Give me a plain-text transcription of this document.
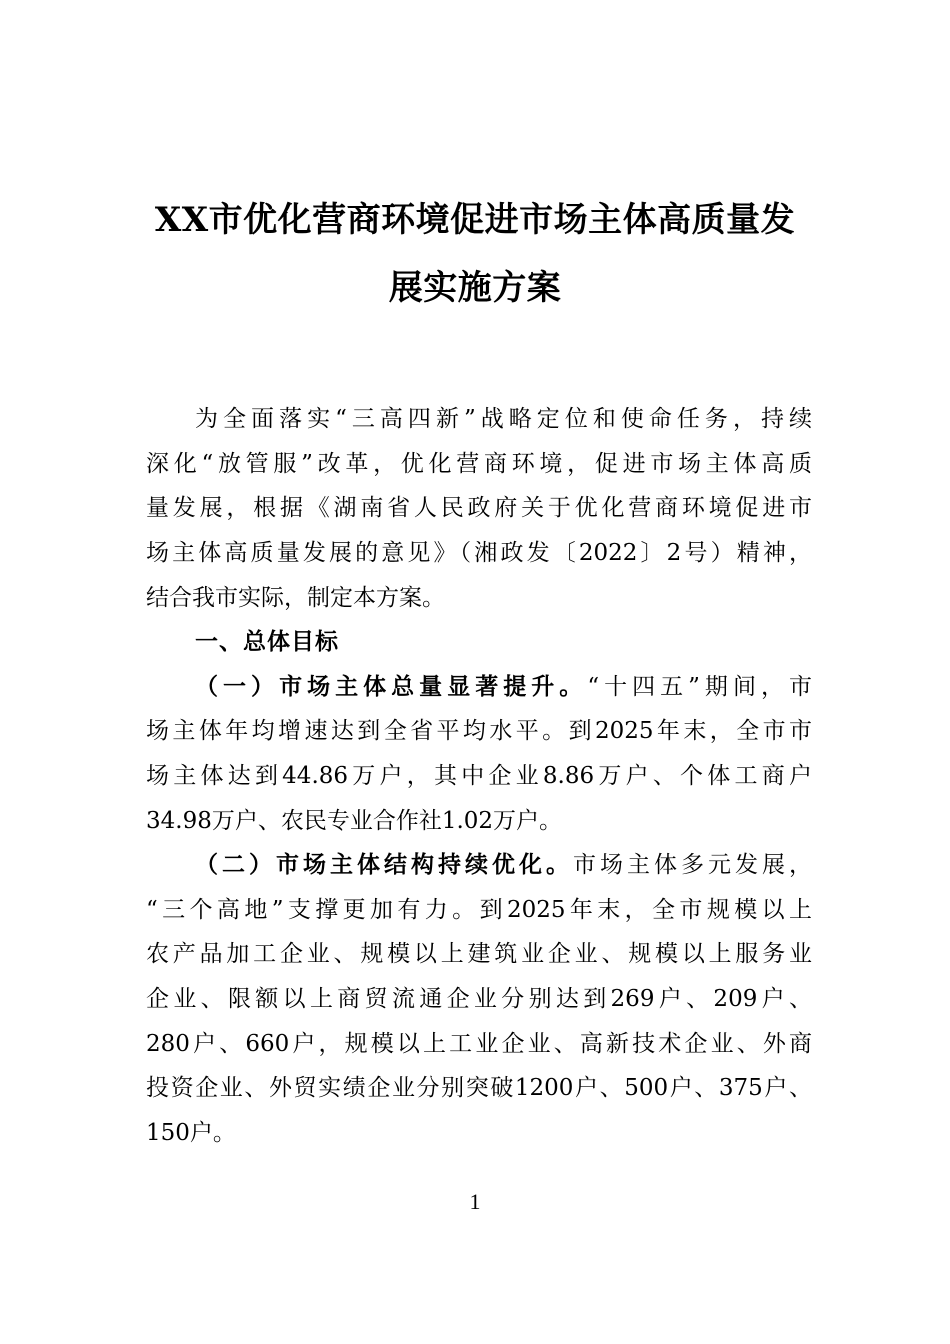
XX市优化营商环境促进市场主体高质量发
展实施方案
为全面落实“三高四新”战略定位和使命任务，持续
深化“放管服”改革，优化营商环境，促进市场主体高质
量发展，根据《湖南省人民政府关于优化营商环境促进市
场主体高质量发展的意见》（湘政发〔2022〕2号）精神，
结合我市实际，制定本方案。
一、总体目标
（一）市场主体总量显著提升。“十四五”期间，市
场主体年均增速达到全省平均水平。到2025年末，全市市
场主体达到44.86万户，其中企业8.86万户、个体工商户
34.98万户、农民专业合作社1.02万户。
（二）市场主体结构持续优化。市场主体多元发展，
“三个高地”支撑更加有力。到2025年末，全市规模以上
农产品加工企业、规模以上建筑业企业、规模以上服务业
企业、限额以上商贸流通企业分别达到269户、209户、
280户、660户，规模以上工业企业、高新技术企业、外商
投资企业、外贸实绩企业分别突破1200户、500户、375户、
150户。
1
